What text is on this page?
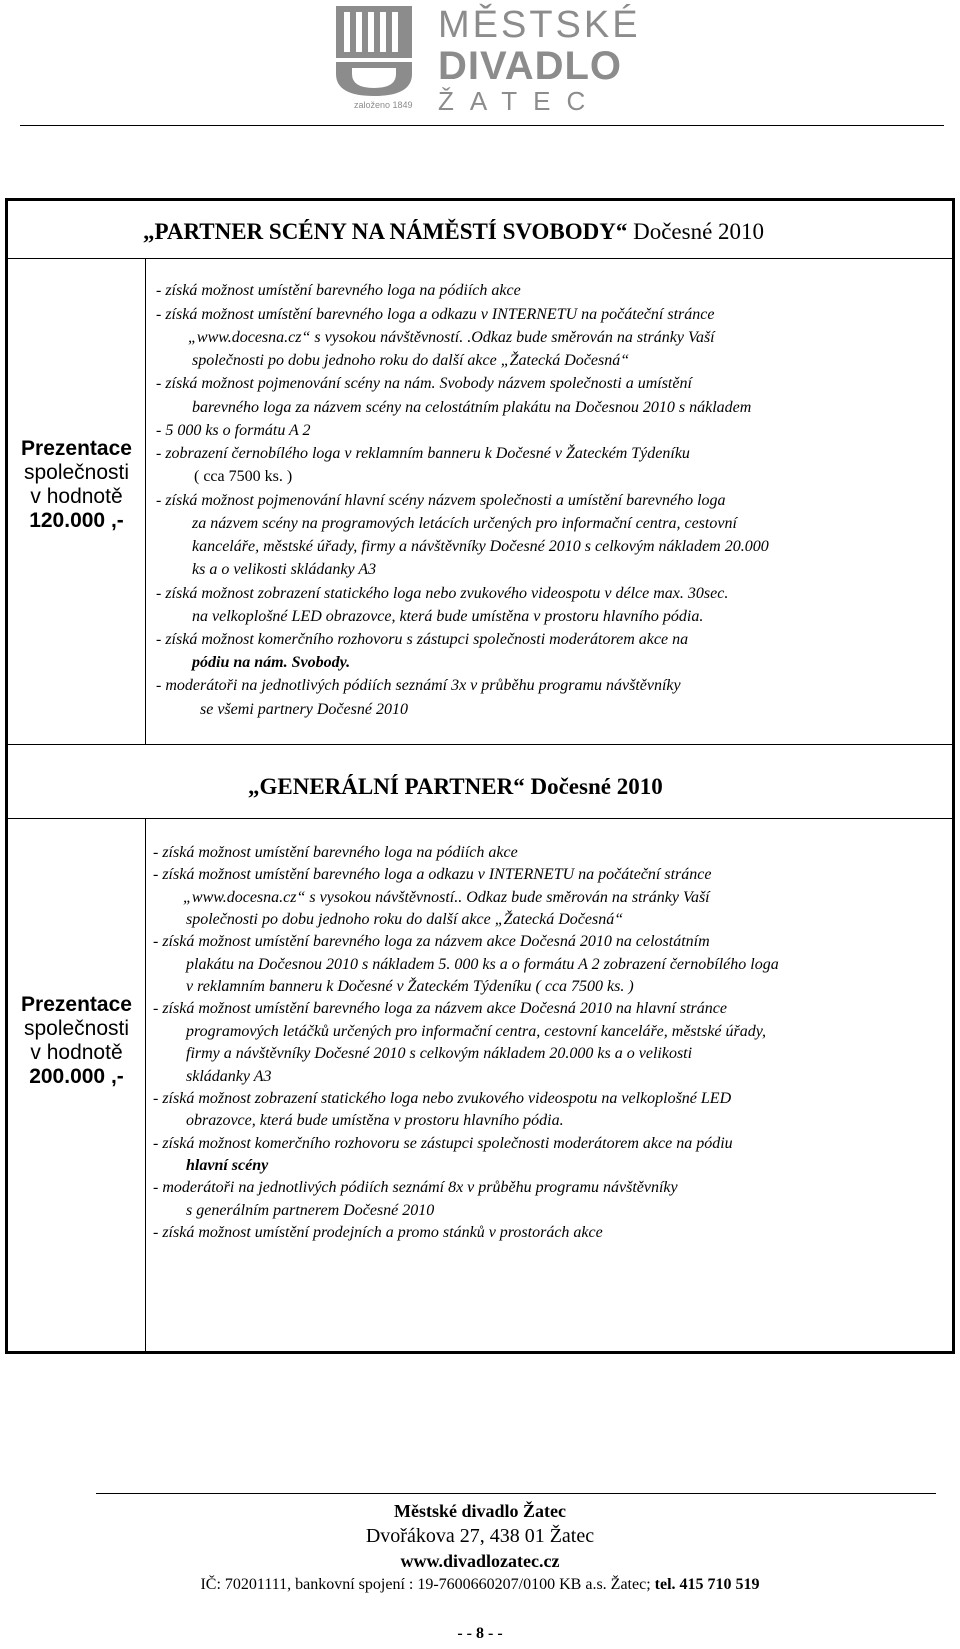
založeno 1849
MĚSTSKÉ
DIVADLO
ŽATEC
„PARTNER SCÉNY NA NÁMĚSTÍ SVOBODY“ Dočesné 2010
Prezentace
společnosti
v hodnotě
120.000 ,-
- získá možnost umístění barevného loga na pódiích akce
- získá možnost umístění barevného loga a odkazu v INTERNETU na počáteční stránce
„www.docesna.cz“ s vysokou návštěvností. .Odkaz bude směrován na stránky Vaší
společnosti po dobu jednoho roku do další akce „Žatecká Dočesná“
- získá možnost pojmenování scény na nám. Svobody názvem společnosti a umístění
barevného loga za názvem scény na celostátním plakátu na Dočesnou 2010 s nákladem
- 5 000 ks o formátu A 2
- zobrazení černobílého loga v reklamním banneru k Dočesné v Žateckém Týdeníku
( cca 7500 ks. )
- získá možnost pojmenování hlavní scény názvem společnosti a umístění barevného loga
za názvem scény na programových letácích určených pro informační centra, cestovní
kanceláře, městské úřady, firmy a návštěvníky Dočesné 2010 s celkovým nákladem 20.000
ks a o velikosti skládanky A3
- získá možnost zobrazení statického loga nebo zvukového videospotu v délce max. 30sec.
na velkoplošné LED obrazovce, která bude umístěna v prostoru hlavního pódia.
- získá možnost komerčního rozhovoru s zástupci společnosti moderátorem akce na
pódiu na nám. Svobody.
- moderátoři na jednotlivých pódiích seznámí 3x v průběhu programu návštěvníky
se všemi partnery Dočesné 2010
„GENERÁLNÍ PARTNER“ Dočesné 2010
Prezentace
společnosti
v hodnotě
200.000 ,-
- získá možnost umístění barevného loga na pódiích akce
- získá možnost umístění barevného loga a odkazu v INTERNETU na počáteční stránce
„www.docesna.cz“ s vysokou návštěvností.. Odkaz bude směrován na stránky Vaší
společnosti po dobu jednoho roku do další akce „Žatecká Dočesná“
- získá možnost umístění barevného loga za názvem akce Dočesná 2010 na celostátním
plakátu na Dočesnou 2010 s nákladem 5. 000 ks a o formátu A 2 zobrazení černobílého loga
v reklamním banneru k Dočesné v Žateckém Týdeníku ( cca 7500 ks. )
- získá možnost umístění barevného loga za názvem akce Dočesná 2010 na hlavní stránce
programových letáčků určených pro informační centra, cestovní kanceláře, městské úřady,
firmy a návštěvníky Dočesné 2010 s celkovým nákladem 20.000 ks a o velikosti
skládanky A3
- získá možnost zobrazení statického loga nebo zvukového videospotu na velkoplošné LED
obrazovce, která bude umístěna v prostoru hlavního pódia.
- získá možnost komerčního rozhovoru se zástupci společnosti moderátorem akce na pódiu
hlavní scény
- moderátoři na jednotlivých pódiích seznámí 8x v průběhu programu návštěvníky
s generálním partnerem Dočesné 2010
- získá možnost umístění prodejních a promo stánků v prostorách akce
Městské divadlo Žatec
Dvořákova 27, 438 01 Žatec
www.divadlozatec.cz
IČ: 70201111, bankovní spojení : 19-7600660207/0100 KB a.s. Žatec; tel. 415 710 519
- - 8 - -
